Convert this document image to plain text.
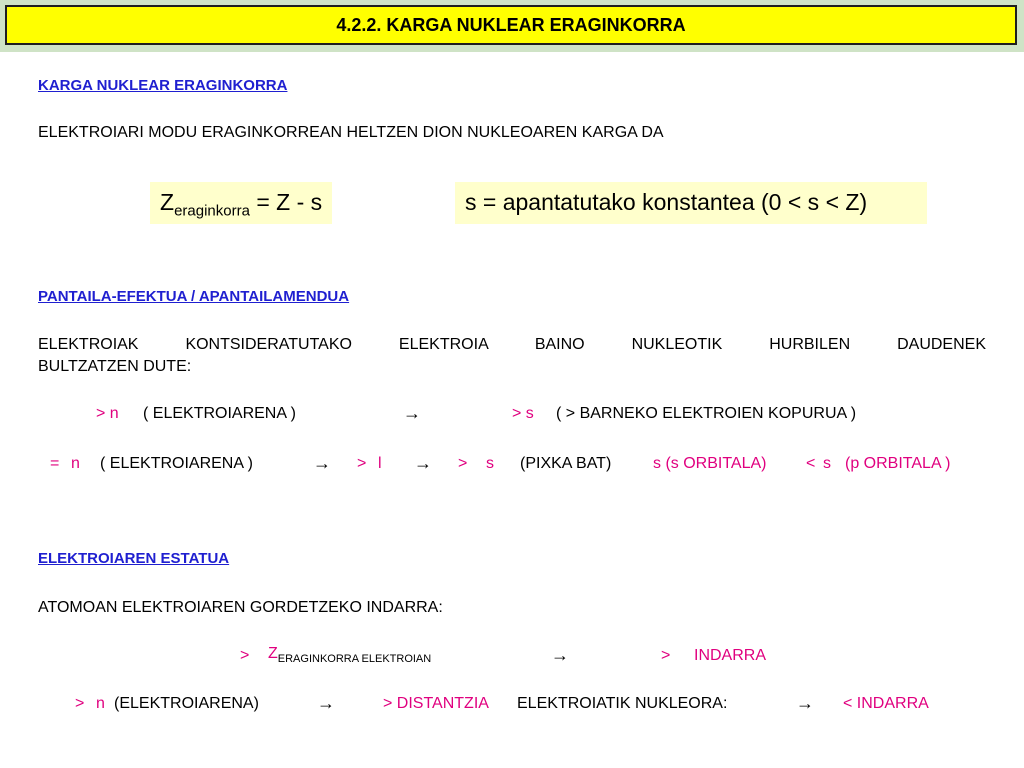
4.2.2. KARGA NUKLEAR ERAGINKORRA
KARGA NUKLEAR ERAGINKORRA
ELEKTROIARI MODU ERAGINKORREAN HELTZEN DION NUKLEOAREN KARGA DA
$Z_{eraginkorra} = Z - s$	s = apantatutako konstantea (0 < s < Z)
PANTAILA-EFEKTUA / APANTAILAMENDUA
ELEKTROIAK KONTSIDERATUTAKO ELEKTROIA BAINO NUKLEOTIK HURBILEN DAUDENEK
BULTZATZEN DUTE:
> n ( ELEKTROIARENA )	→	> s ( > BARNEKO ELEKTROIEN KOPURUA )
= n ( ELEKTROIARENA )	→ > l → > s (PIXKA BAT)	s (s ORBITALA) < s (p ORBITALA )
ELEKTROIAREN ESTATUA
ATOMOAN ELEKTROIAREN GORDETZEKO INDARRA:
> $Z_{ERAGINKORRA ELEKTROIAN}$	→	> INDARRA
> n (ELEKTROIARENA)	→	> DISTANTZIA ELEKTROIATIK NUKLEORA:	→ < INDARRA
